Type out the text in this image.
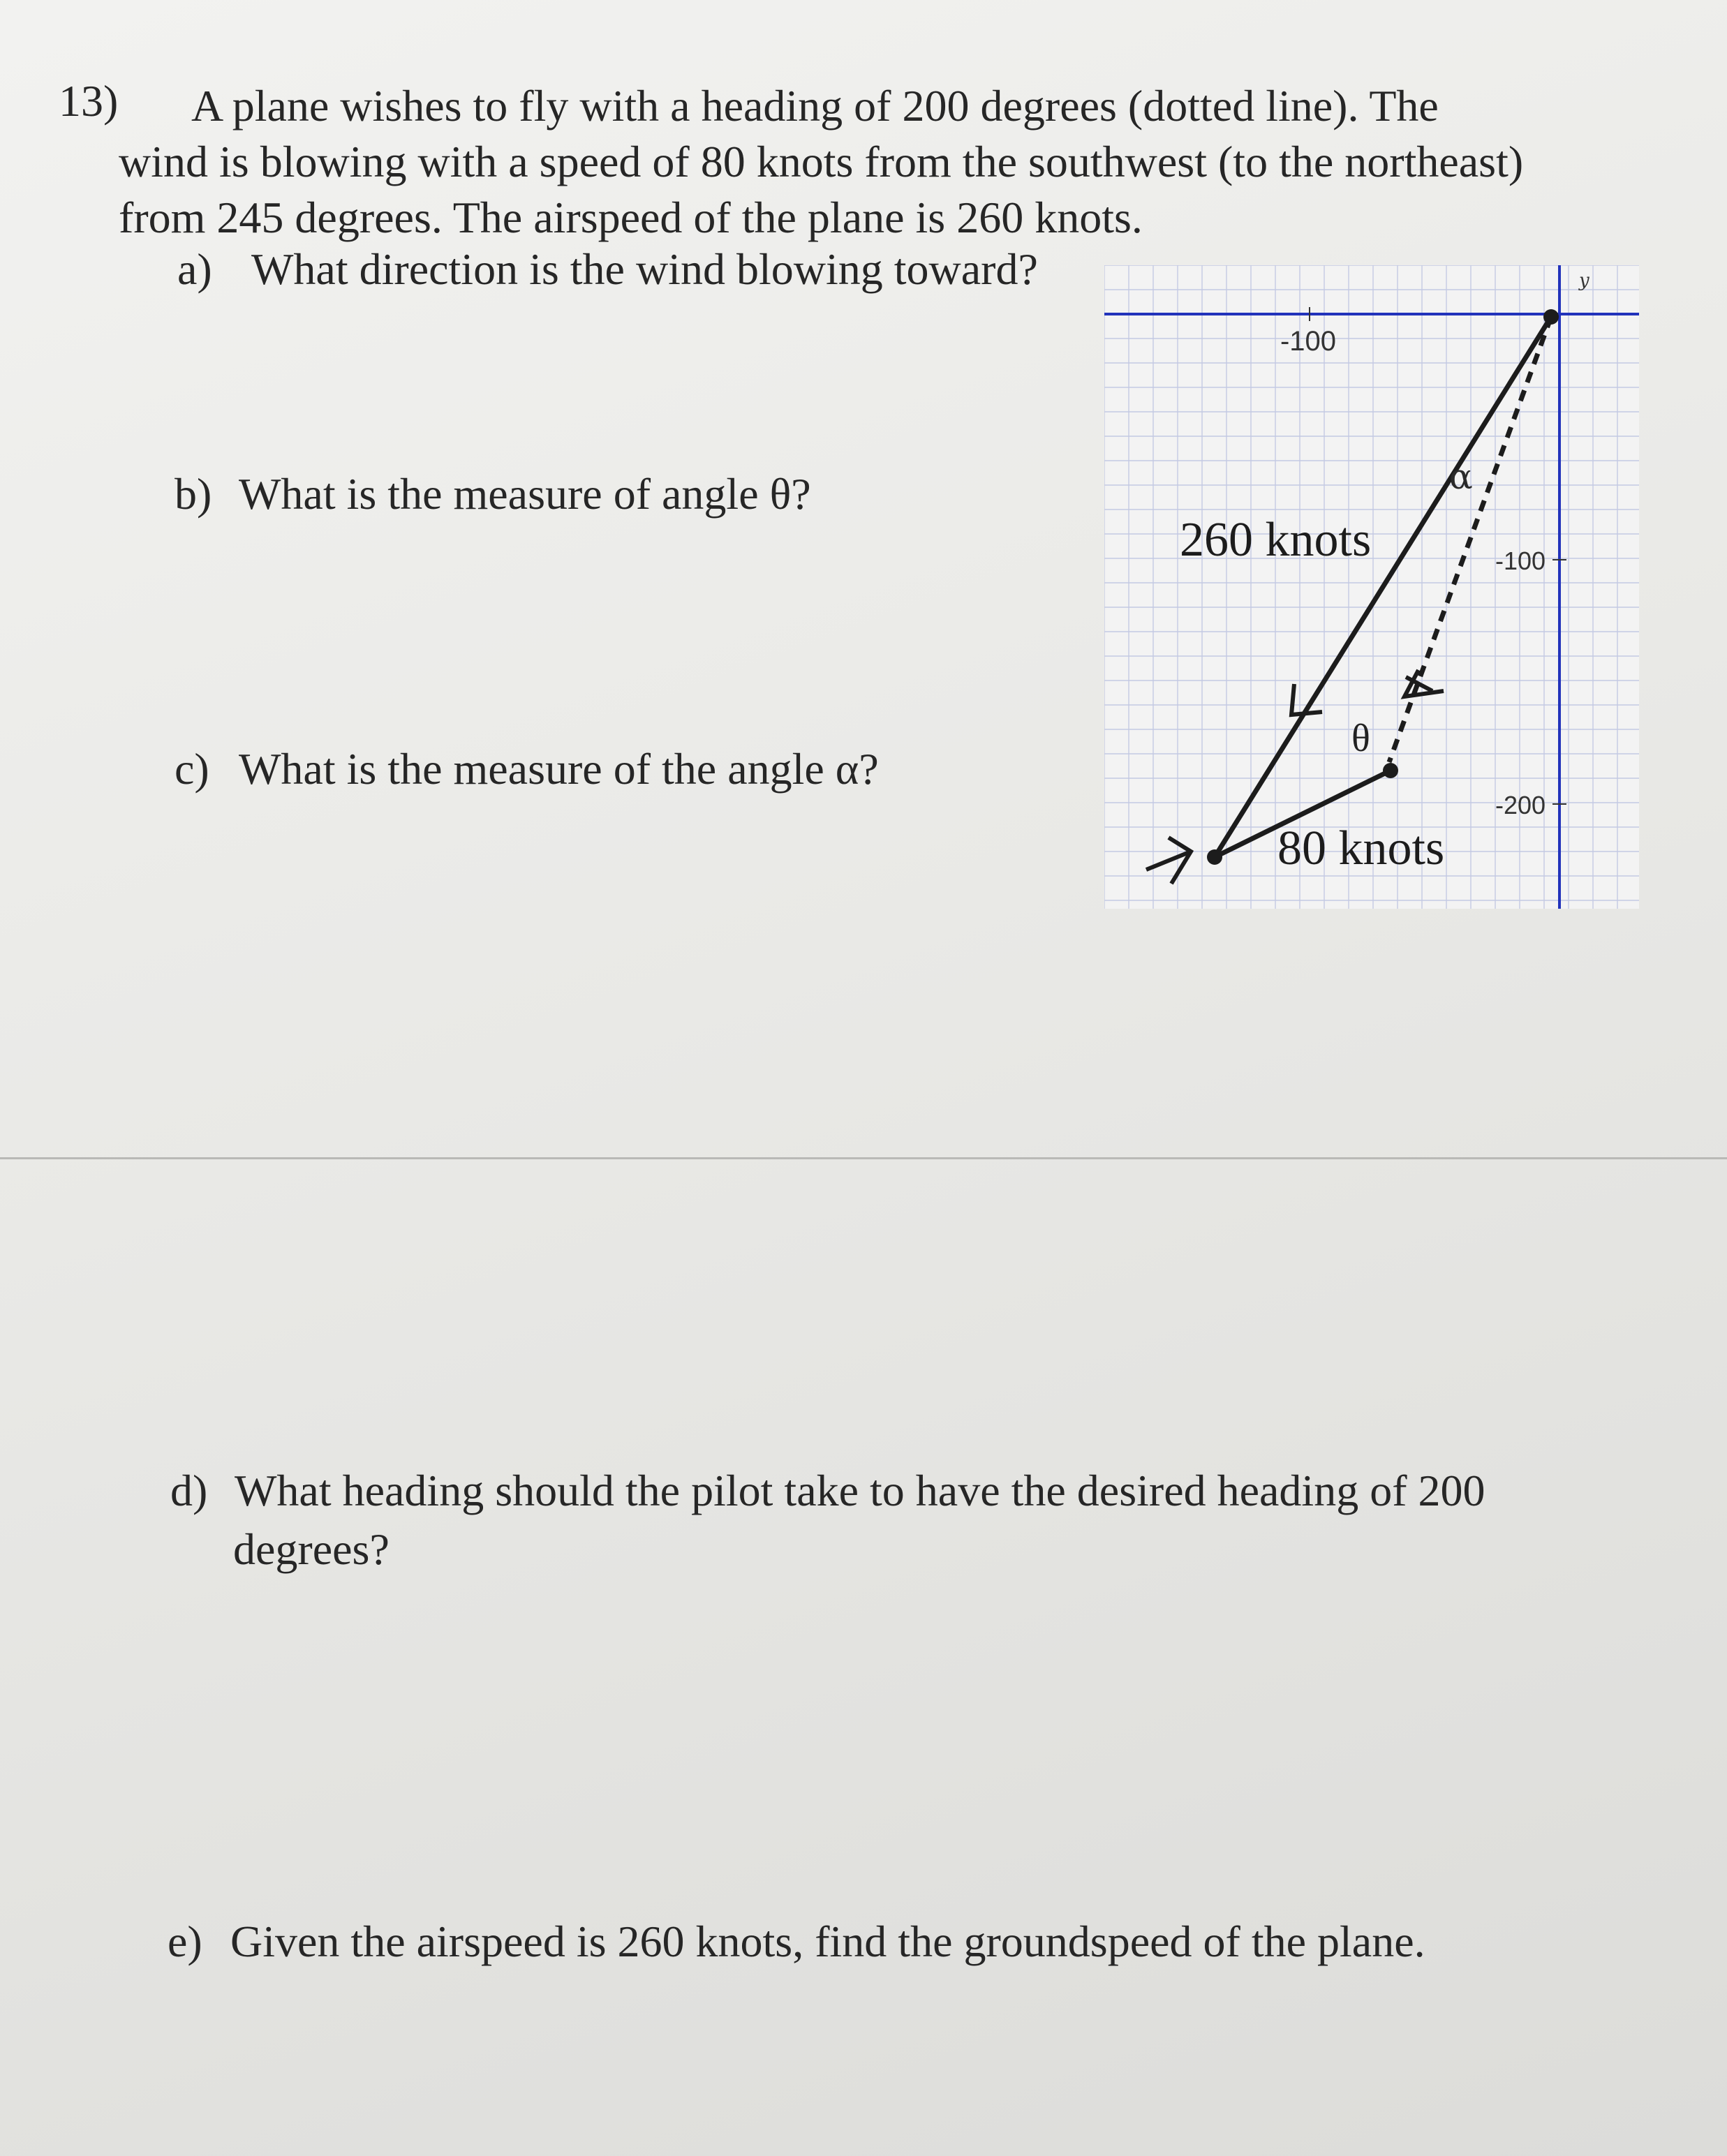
13) A plane wishes to fly with a heading of 200 degrees (dotted line). The
wind is blowing with a speed of 80 knots from the southwest (to the northeast)
from 245 degrees. The airspeed of the plane is 260 knots.
a) What direction is the wind blowing toward?
b) What is the measure of angle θ?
c) What is the measure of the angle α?
d) What heading should the pilot take to have the desired heading of 200
degrees?
e) Given the airspeed is 260 knots, find the groundspeed of the plane.
y
-100
-100
-200
α
θ
260 knots
80 knots
